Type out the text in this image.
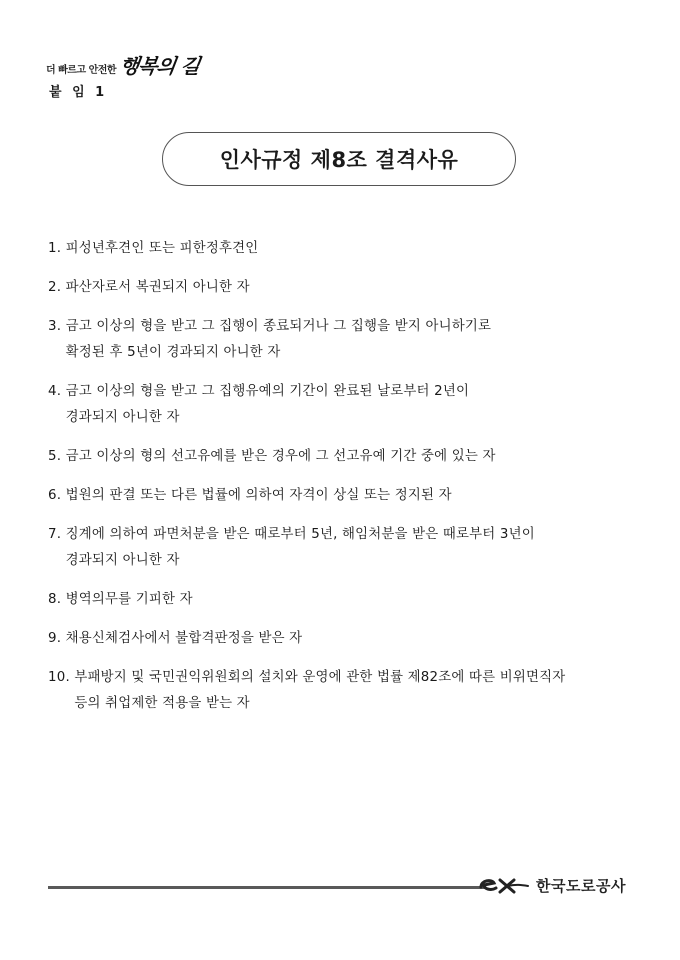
더 빠르고 안전한 행복의 길
붙 임 1
인사규정 제8조 결격사유
1. 피성년후견인 또는 피한정후견인
2. 파산자로서 복권되지 아니한 자
3. 금고 이상의 형을 받고 그 집행이 종료되거나 그 집행을 받지 아니하기로
확정된 후 5년이 경과되지 아니한 자
4. 금고 이상의 형을 받고 그 집행유예의 기간이 완료된 날로부터 2년이
경과되지 아니한 자
5. 금고 이상의 형의 선고유예를 받은 경우에 그 선고유예 기간 중에 있는 자
6. 법원의 판결 또는 다른 법률에 의하여 자격이 상실 또는 정지된 자
7. 징계에 의하여 파면처분을 받은 때로부터 5년, 해임처분을 받은 때로부터 3년이
경과되지 아니한 자
8. 병역의무를 기피한 자
9. 채용신체검사에서 불합격판정을 받은 자
10. 부패방지 및 국민권익위원회의 설치와 운영에 관한 법률 제82조에 따른 비위면직자
등의 취업제한 적용을 받는 자
한국도로공사
